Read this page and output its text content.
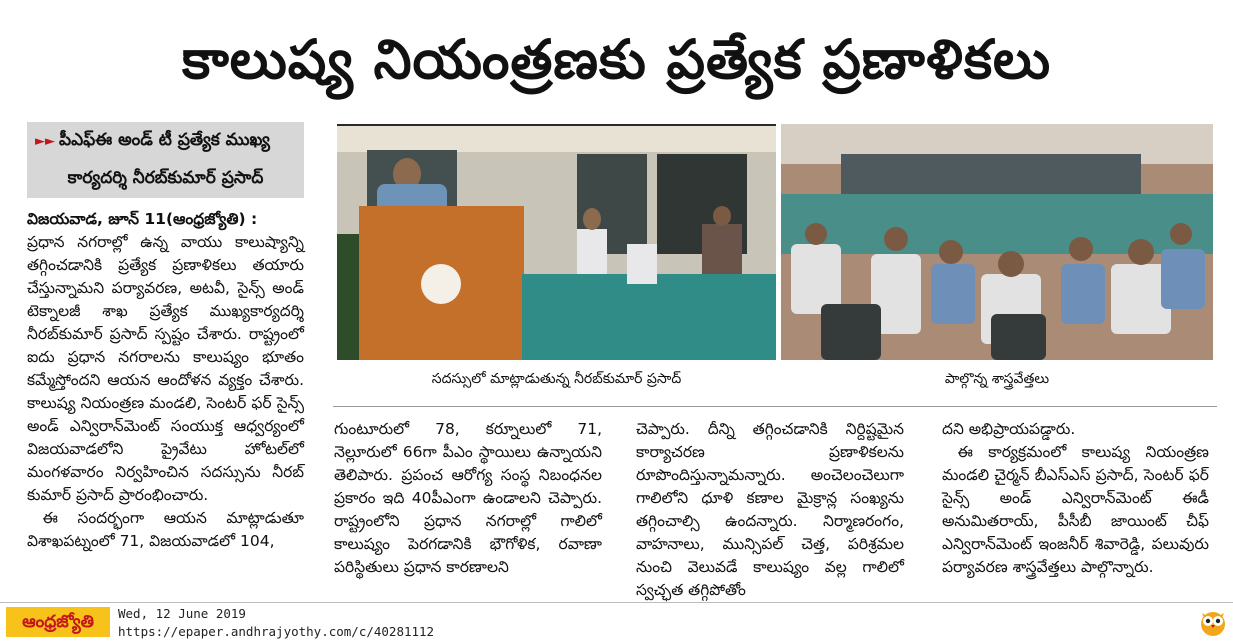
కాలుష్య నియంత్రణకు ప్రత్యేక ప్రణాళికలు
►► పీఎఫ్‌ఈ అండ్‌ టీ ప్రత్యేక ముఖ్య
కార్యదర్శి నీరబ్‌కుమార్‌ ప్రసాద్‌

విజయవాడ, జూన్‌ 11(ఆంధ్రజ్యోతి) :

ప్రధాన నగరాల్లో ఉన్న వాయు కాలుష్యాన్ని తగ్గించడానికి ప్రత్యేక ప్రణాళికలు తయారు చేస్తున్నామని పర్యావరణ, అటవీ, సైన్స్‌ అండ్‌ టెక్నాలజీ శాఖ ప్రత్యేక ముఖ్యకార్యదర్శి నీరబ్‌కుమార్‌ ప్రసాద్‌ స్పష్టం చేశారు. రాష్ట్రంలో ఐదు ప్రధాన నగరాలను కాలుష్యం భూతం కమ్మేస్తోందని ఆయన ఆందోళన వ్యక్తం చేశారు. కాలుష్య నియంత్రణ మండలి, సెంటర్‌ ఫర్‌ సైన్స్‌ అండ్‌ ఎన్విరాన్‌మెంట్‌ సంయుక్త ఆధ్వర్యంలో విజయవాడలోని ప్రైవేటు హోటల్‌లో మంగళవారం నిర్వహించిన సదస్సును నీరబ్‌ కుమార్‌ ప్రసాద్‌ ప్రారంభించారు.

ఈ సందర్భంగా ఆయన మాట్లాడుతూ విశాఖపట్నంలో 71, విజయవాడలో 104,

సదస్సులో మాట్లాడుతున్న నీరబ్‌కుమార్‌ ప్రసాద్‌	పాల్గొన్న శాస్త్రవేత్తలు
గుంటూరులో 78, కర్నూలులో 71, నెల్లూరులో 66గా పీఎం స్థాయిలు ఉన్నాయని తెలిపారు. ప్రపంచ ఆరోగ్య సంస్థ నిబంధనల ప్రకారం ఇది 40పీఎంగా ఉండాలని చెప్పారు. రాష్ట్రంలోని ప్రధాన నగరాల్లో గాలిలో కాలుష్యం పెరగడానికి భౌగోళిక, రవాణా పరిస్థితులు ప్రధాన కారణాలని
చెప్పారు. దీన్ని తగ్గించడానికి నిర్దిష్టమైన కార్యాచరణ ప్రణాళికలను రూపొందిస్తున్నామన్నారు. అంచెలంచెలుగా గాలిలోని ధూళి కణాల మైక్రాన్ల సంఖ్యను తగ్గించాల్సి ఉందన్నారు. నిర్మాణరంగం, వాహనాలు, మున్సిపల్‌ చెత్త, పరిశ్రమల నుంచి వెలువడే కాలుష్యం వల్ల గాలిలో స్వచ్ఛత తగ్గిపోతోం

దని అభిప్రాయపడ్డారు.

ఈ కార్యక్రమంలో కాలుష్య నియంత్రణ మండలి చైర్మన్‌ బీఎస్‌ఎస్‌ ప్రసాద్‌, సెంటర్‌ ఫర్‌ సైన్స్‌ అండ్‌ ఎన్విరాన్‌మెంట్‌ ఈడీ అనుమితరాయ్‌, పీసీబీ జాయింట్‌ చీఫ్‌ ఎన్విరాన్‌మెంట్‌ ఇంజనీర్‌ శివారెడ్డి, పలువురు పర్యావరణ శాస్త్రవేత్తలు పాల్గొన్నారు.

ఆంధ్రజ్యోతి	Wed, 12 June 2019
https://epaper.andhrajyothy.com/c/40281112
